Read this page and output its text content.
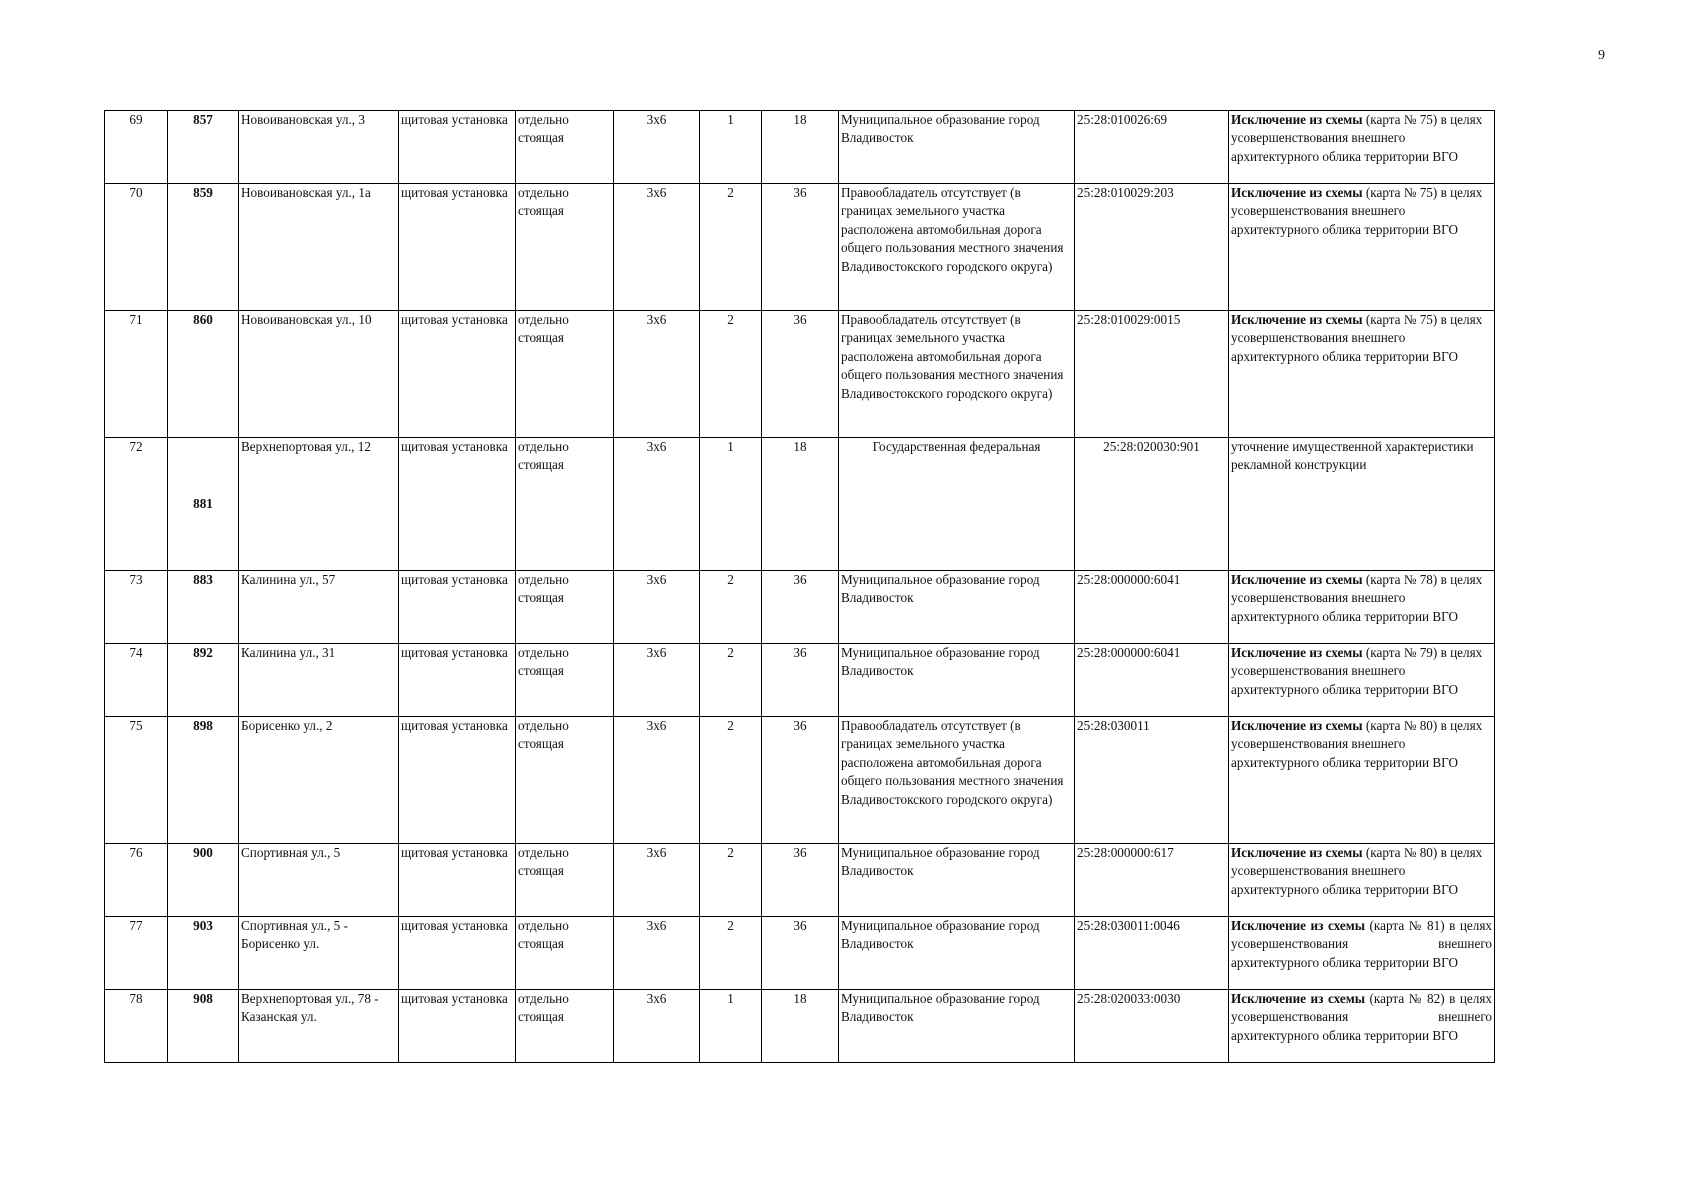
9
69	857	Новоивановская ул., 3	щитовая установка	отдельно стоящая	3х6	1	18	Муниципальное образование город Владивосток	25:28:010026:69	Исключение из схемы (карта № 75) в целях усовершенствования внешнего архитектурного облика территории ВГО
70	859	Новоивановская ул., 1а	щитовая установка	отдельно стоящая	3х6	2	36	Правообладатель отсутствует (в границах земельного участка расположена автомобильная дорога общего пользования местного значения Владивостокского городского округа)	25:28:010029:203	Исключение из схемы (карта № 75) в целях усовершенствования внешнего архитектурного облика территории ВГО
71	860	Новоивановская ул., 10	щитовая установка	отдельно стоящая	3х6	2	36	Правообладатель отсутствует (в границах земельного участка расположена автомобильная дорога общего пользования местного значения Владивостокского городского округа)	25:28:010029:0015	Исключение из схемы (карта № 75) в целях усовершенствования внешнего архитектурного облика территории ВГО
72	881	Верхнепортовая ул., 12	щитовая установка	отдельно стоящая	3х6	1	18	Государственная федеральная	25:28:020030:901	уточнение имущественной характеристики рекламной конструкции
73	883	Калинина ул., 57	щитовая установка	отдельно стоящая	3х6	2	36	Муниципальное образование город Владивосток	25:28:000000:6041	Исключение из схемы (карта № 78) в целях усовершенствования внешнего архитектурного облика территории ВГО
74	892	Калинина ул., 31	щитовая установка	отдельно стоящая	3х6	2	36	Муниципальное образование город Владивосток	25:28:000000:6041	Исключение из схемы (карта № 79) в целях усовершенствования внешнего архитектурного облика территории ВГО
75	898	Борисенко ул., 2	щитовая установка	отдельно стоящая	3х6	2	36	Правообладатель отсутствует (в границах земельного участка расположена автомобильная дорога общего пользования местного значения Владивостокского городского округа)	25:28:030011	Исключение из схемы (карта № 80) в целях усовершенствования внешнего архитектурного облика территории ВГО
76	900	Спортивная ул., 5	щитовая установка	отдельно стоящая	3х6	2	36	Муниципальное образование город Владивосток	25:28:000000:617	Исключение из схемы (карта № 80) в целях усовершенствования внешнего архитектурного облика территории ВГО
77	903	Спортивная ул., 5 - Борисенко ул.	щитовая установка	отдельно стоящая	3х6	2	36	Муниципальное образование город Владивосток	25:28:030011:0046	Исключение из схемы (карта № 81) в целях усовершенствования внешнего архитектурного облика территории ВГО
78	908	Верхнепортовая ул., 78 - Казанская ул.	щитовая установка	отдельно стоящая	3х6	1	18	Муниципальное образование город Владивосток	25:28:020033:0030	Исключение из схемы (карта № 82) в целях усовершенствования внешнего архитектурного облика территории ВГО
